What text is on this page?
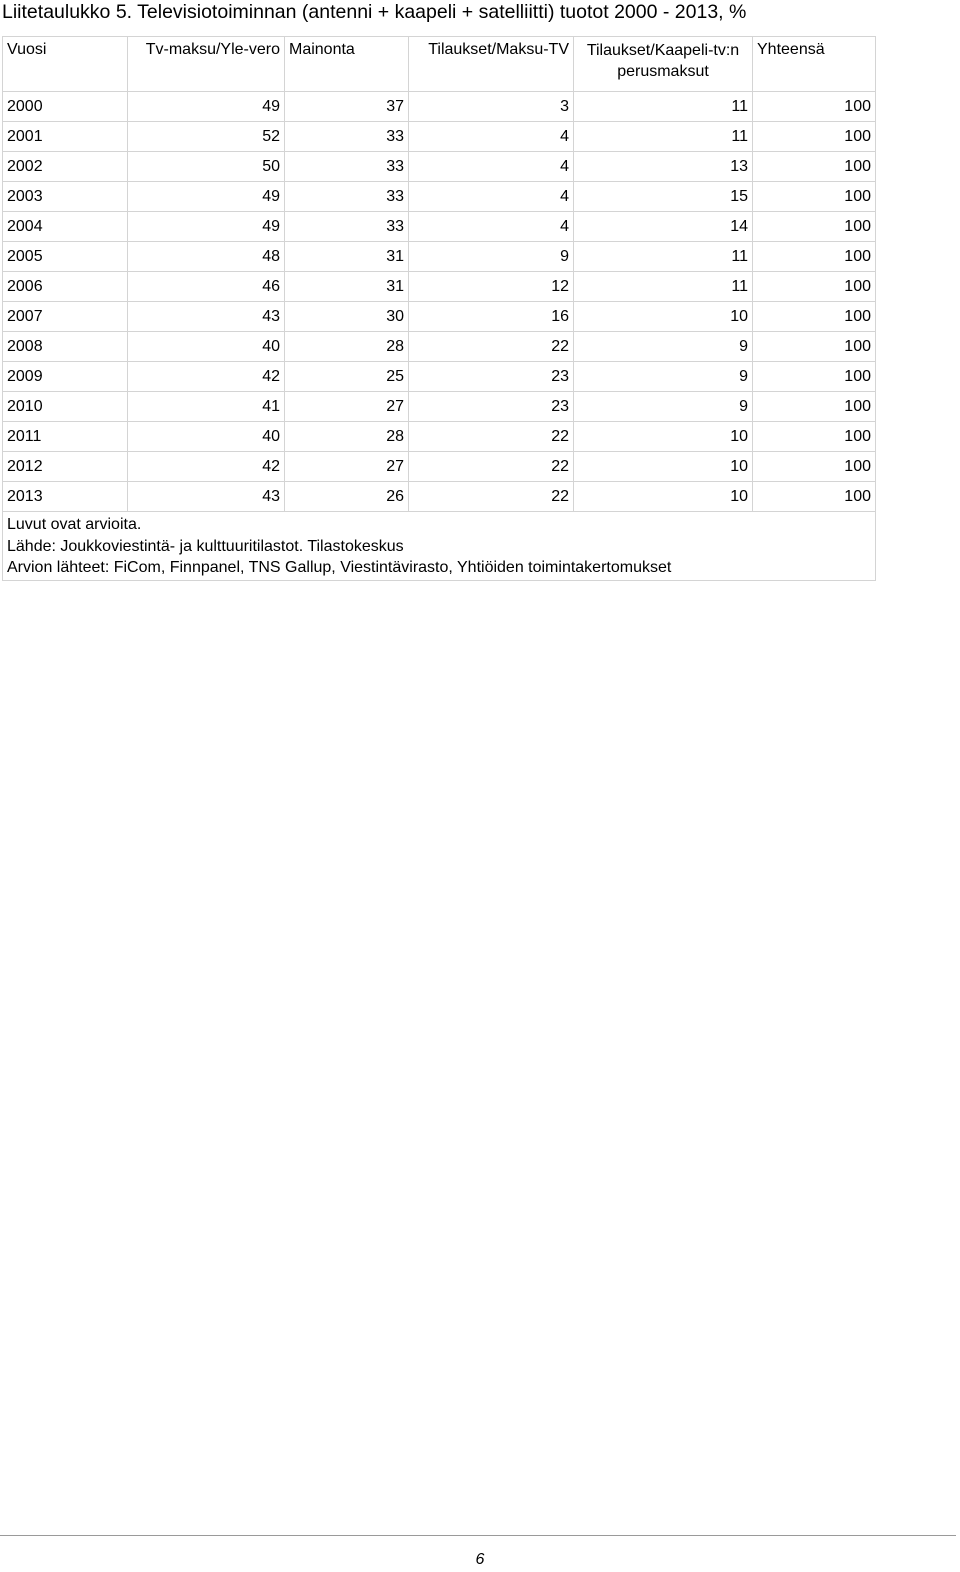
Liitetaulukko 5. Televisiotoiminnan (antenni + kaapeli + satelliitti) tuotot 2000 - 2013, %
Vuosi	Tv-maksu/Yle-vero	Mainonta	Tilaukset/Maksu-TV	Tilaukset/Kaapeli-tv:n perusmaksut	Yhteensä
2000	49	37	3	11	100
2001	52	33	4	11	100
2002	50	33	4	13	100
2003	49	33	4	15	100
2004	49	33	4	14	100
2005	48	31	9	11	100
2006	46	31	12	11	100
2007	43	30	16	10	100
2008	40	28	22	9	100
2009	42	25	23	9	100
2010	41	27	23	9	100
2011	40	28	22	10	100
2012	42	27	22	10	100
2013	43	26	22	10	100

Luvut ovat arvioita.
Lähde: Joukkoviestintä- ja kulttuuritilastot. Tilastokeskus
Arvion lähteet: FiCom, Finnpanel, TNS Gallup, Viestintävirasto, Yhtiöiden toimintakertomukset					
6
